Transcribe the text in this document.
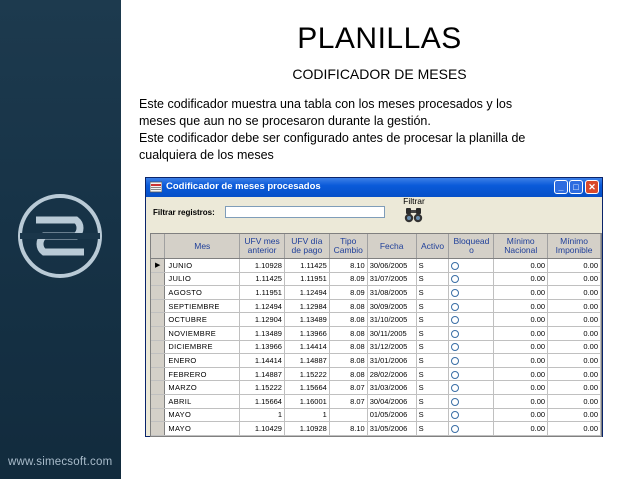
www.simecsoft.com
PLANILLAS
CODIFICADOR DE MESES

Este codificador muestra una tabla con los meses procesados y los

meses que aun no se procesaron durante la gestión.

Este codificador debe ser configurado antes de procesar la planilla de

cualquiera de los meses

Codificador de meses procesados	_	□	✕
Filtrar registros:
Filtrar
	Mes	UFV mes
anterior	UFV día
de pago	Tipo
Cambio	Fecha	Activo	Bloquead
o	Mínimo
Nacional	Mínimo
Imponible
▶	JUNIO	1.10928	1.11425	8.10	30/06/2005	S		0.00	0.00
	JULIO	1.11425	1.11951	8.09	31/07/2005	S		0.00	0.00
	AGOSTO	1.11951	1.12494	8.09	31/08/2005	S		0.00	0.00
	SEPTIEMBRE	1.12494	1.12984	8.08	30/09/2005	S		0.00	0.00
	OCTUBRE	1.12904	1.13489	8.08	31/10/2005	S		0.00	0.00
	NOVIEMBRE	1.13489	1.13966	8.08	30/11/2005	S		0.00	0.00
	DICIEMBRE	1.13966	1.14414	8.08	31/12/2005	S		0.00	0.00
	ENERO	1.14414	1.14887	8.08	31/01/2006	S		0.00	0.00
	FEBRERO	1.14887	1.15222	8.08	28/02/2006	S		0.00	0.00
	MARZO	1.15222	1.15664	8.07	31/03/2006	S		0.00	0.00
	ABRIL	1.15664	1.16001	8.07	30/04/2006	S		0.00	0.00
	MAYO	1	1		01/05/2006	S		0.00	0.00
	MAYO	1.10429	1.10928	8.10	31/05/2006	S		0.00	0.00
